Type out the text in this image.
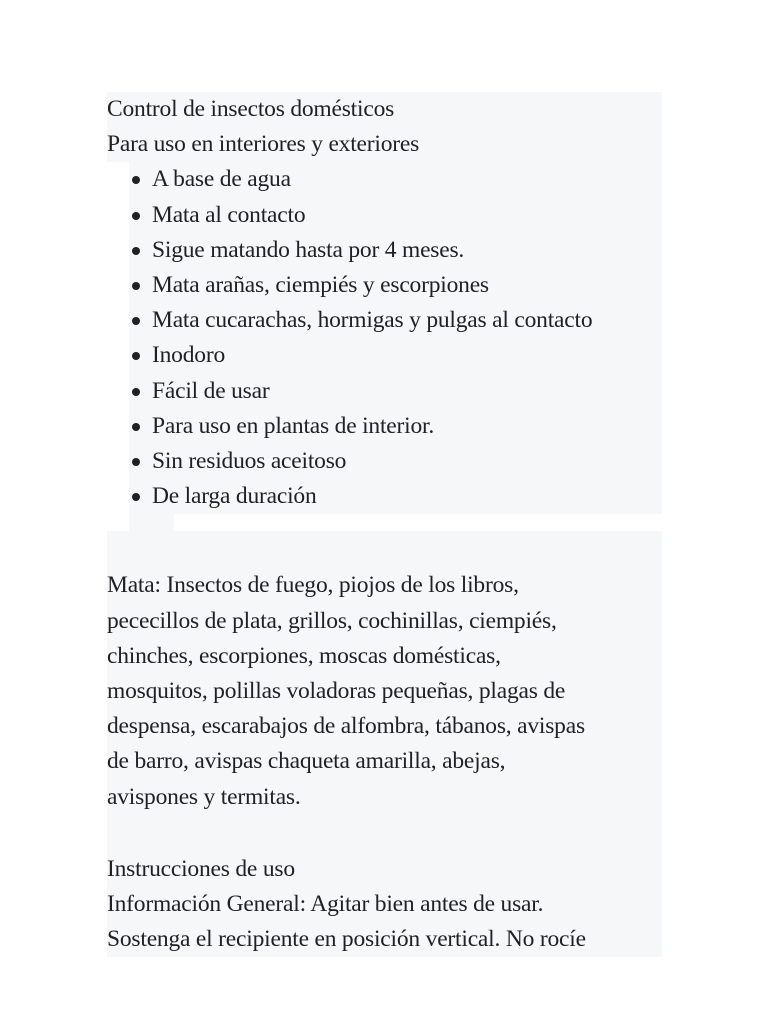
Control de insectos domésticos
Para uso en interiores y exteriores
A base de agua
Mata al contacto
Sigue matando hasta por 4 meses.
Mata arañas, ciempiés y escorpiones
Mata cucarachas, hormigas y pulgas al contacto
Inodoro
Fácil de usar
Para uso en plantas de interior.
Sin residuos aceitoso
De larga duración
Mata: Insectos de fuego, piojos de los libros,
pececillos de plata, grillos, cochinillas, ciempiés,
chinches, escorpiones, moscas domésticas,
mosquitos, polillas voladoras pequeñas, plagas de
despensa, escarabajos de alfombra, tábanos, avispas
de barro, avispas chaqueta amarilla, abejas,
avispones y termitas.
Instrucciones de uso
Información General: Agitar bien antes de usar.
Sostenga el recipiente en posición vertical. No rocíe
